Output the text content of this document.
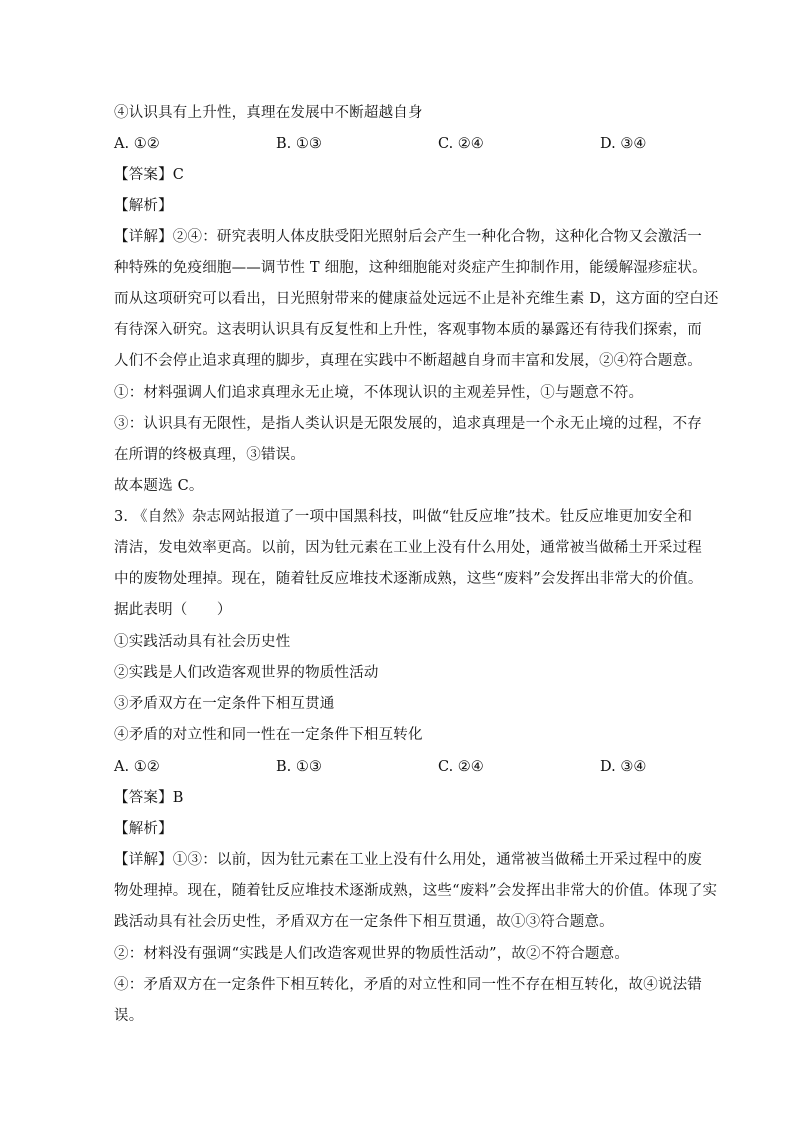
④认识具有上升性，真理在发展中不断超越自身
A. ①②	B. ①③	C. ②④	D. ③④
【答案】C
【解析】
【详解】②④：研究表明人体皮肤受阳光照射后会产生一种化合物，这种化合物又会激活一
种特殊的免疫细胞——调节性 T 细胞，这种细胞能对炎症产生抑制作用，能缓解湿疹症状。
而从这项研究可以看出，日光照射带来的健康益处远远不止是补充维生素 D，这方面的空白还
有待深入研究。这表明认识具有反复性和上升性，客观事物本质的暴露还有待我们探索，而
人们不会停止追求真理的脚步，真理在实践中不断超越自身而丰富和发展，②④符合题意。
①：材料强调人们追求真理永无止境，不体现认识的主观差异性，①与题意不符。
③：认识具有无限性，是指人类认识是无限发展的，追求真理是一个永无止境的过程，不存
在所谓的终极真理，③错误。
故本题选 C。
3. 《自然》杂志网站报道了一项中国黑科技，叫做“钍反应堆”技术。钍反应堆更加安全和
清洁，发电效率更高。以前，因为钍元素在工业上没有什么用处，通常被当做稀土开采过程
中的废物处理掉。现在，随着钍反应堆技术逐渐成熟，这些“废料”会发挥出非常大的价值。
据此表明（　　）
①实践活动具有社会历史性
②实践是人们改造客观世界的物质性活动
③矛盾双方在一定条件下相互贯通
④矛盾的对立性和同一性在一定条件下相互转化
A. ①②	B. ①③	C. ②④	D. ③④
【答案】B
【解析】
【详解】①③：以前，因为钍元素在工业上没有什么用处，通常被当做稀土开采过程中的废
物处理掉。现在，随着钍反应堆技术逐渐成熟，这些“废料”会发挥出非常大的价值。体现了实
践活动具有社会历史性，矛盾双方在一定条件下相互贯通，故①③符合题意。
②：材料没有强调“实践是人们改造客观世界的物质性活动”，故②不符合题意。
④：矛盾双方在一定条件下相互转化，矛盾的对立性和同一性不存在相互转化，故④说法错
误。
